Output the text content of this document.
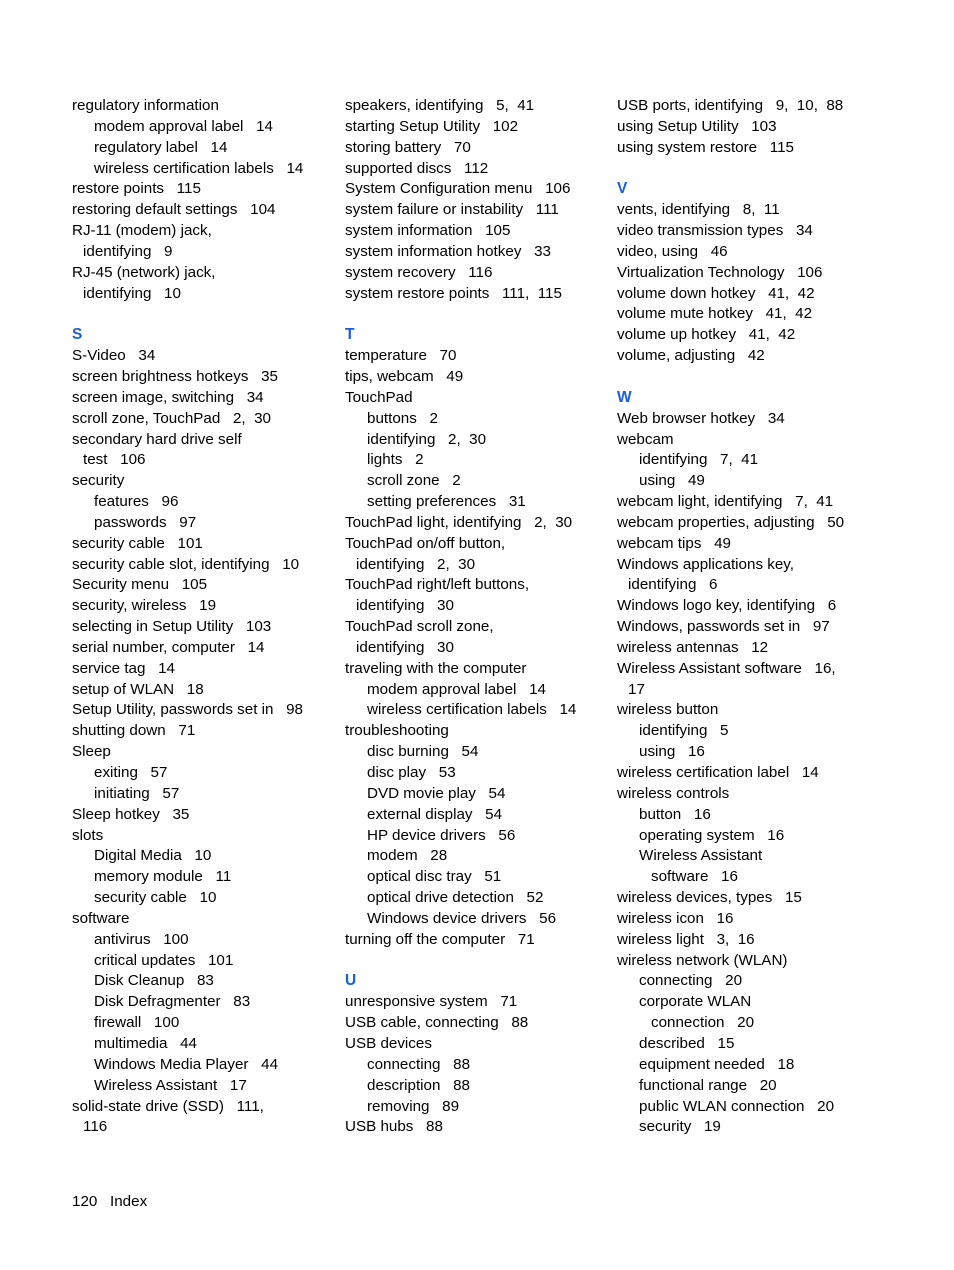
regulatory information
modem approval label   14
regulatory label   14
wireless certification labels   14
restore points   115
restoring default settings   104
RJ-11 (modem) jack,
identifying   9
RJ-45 (network) jack,
identifying   10
S
S-Video   34
screen brightness hotkeys   35
screen image, switching   34
scroll zone, TouchPad   2,  30
secondary hard drive self
test   106
security
features   96
passwords   97
security cable   101
security cable slot, identifying   10
Security menu   105
security, wireless   19
selecting in Setup Utility   103
serial number, computer   14
service tag   14
setup of WLAN   18
Setup Utility, passwords set in   98
shutting down   71
Sleep
exiting   57
initiating   57
Sleep hotkey   35
slots
Digital Media   10
memory module   11
security cable   10
software
antivirus   100
critical updates   101
Disk Cleanup   83
Disk Defragmenter   83
firewall   100
multimedia   44
Windows Media Player   44
Wireless Assistant   17
solid-state drive (SSD)   111,
116
speakers, identifying   5,  41
starting Setup Utility   102
storing battery   70
supported discs   112
System Configuration menu   106
system failure or instability   111
system information   105
system information hotkey   33
system recovery   116
system restore points   111,  115
T
temperature   70
tips, webcam   49
TouchPad
buttons   2
identifying   2,  30
lights   2
scroll zone   2
setting preferences   31
TouchPad light, identifying   2,  30
TouchPad on/off button,
identifying   2,  30
TouchPad right/left buttons,
identifying   30
TouchPad scroll zone,
identifying   30
traveling with the computer
modem approval label   14
wireless certification labels   14
troubleshooting
disc burning   54
disc play   53
DVD movie play   54
external display   54
HP device drivers   56
modem   28
optical disc tray   51
optical drive detection   52
Windows device drivers   56
turning off the computer   71
U
unresponsive system   71
USB cable, connecting   88
USB devices
connecting   88
description   88
removing   89
USB hubs   88
USB ports, identifying   9,  10,  88
using Setup Utility   103
using system restore   115
V
vents, identifying   8,  11
video transmission types   34
video, using   46
Virtualization Technology   106
volume down hotkey   41,  42
volume mute hotkey   41,  42
volume up hotkey   41,  42
volume, adjusting   42
W
Web browser hotkey   34
webcam
identifying   7,  41
using   49
webcam light, identifying   7,  41
webcam properties, adjusting   50
webcam tips   49
Windows applications key,
identifying   6
Windows logo key, identifying   6
Windows, passwords set in   97
wireless antennas   12
Wireless Assistant software   16,
17
wireless button
identifying   5
using   16
wireless certification label   14
wireless controls
button   16
operating system   16
Wireless Assistant
software   16
wireless devices, types   15
wireless icon   16
wireless light   3,  16
wireless network (WLAN)
connecting   20
corporate WLAN
connection   20
described   15
equipment needed   18
functional range   20
public WLAN connection   20
security   19
120 Index
